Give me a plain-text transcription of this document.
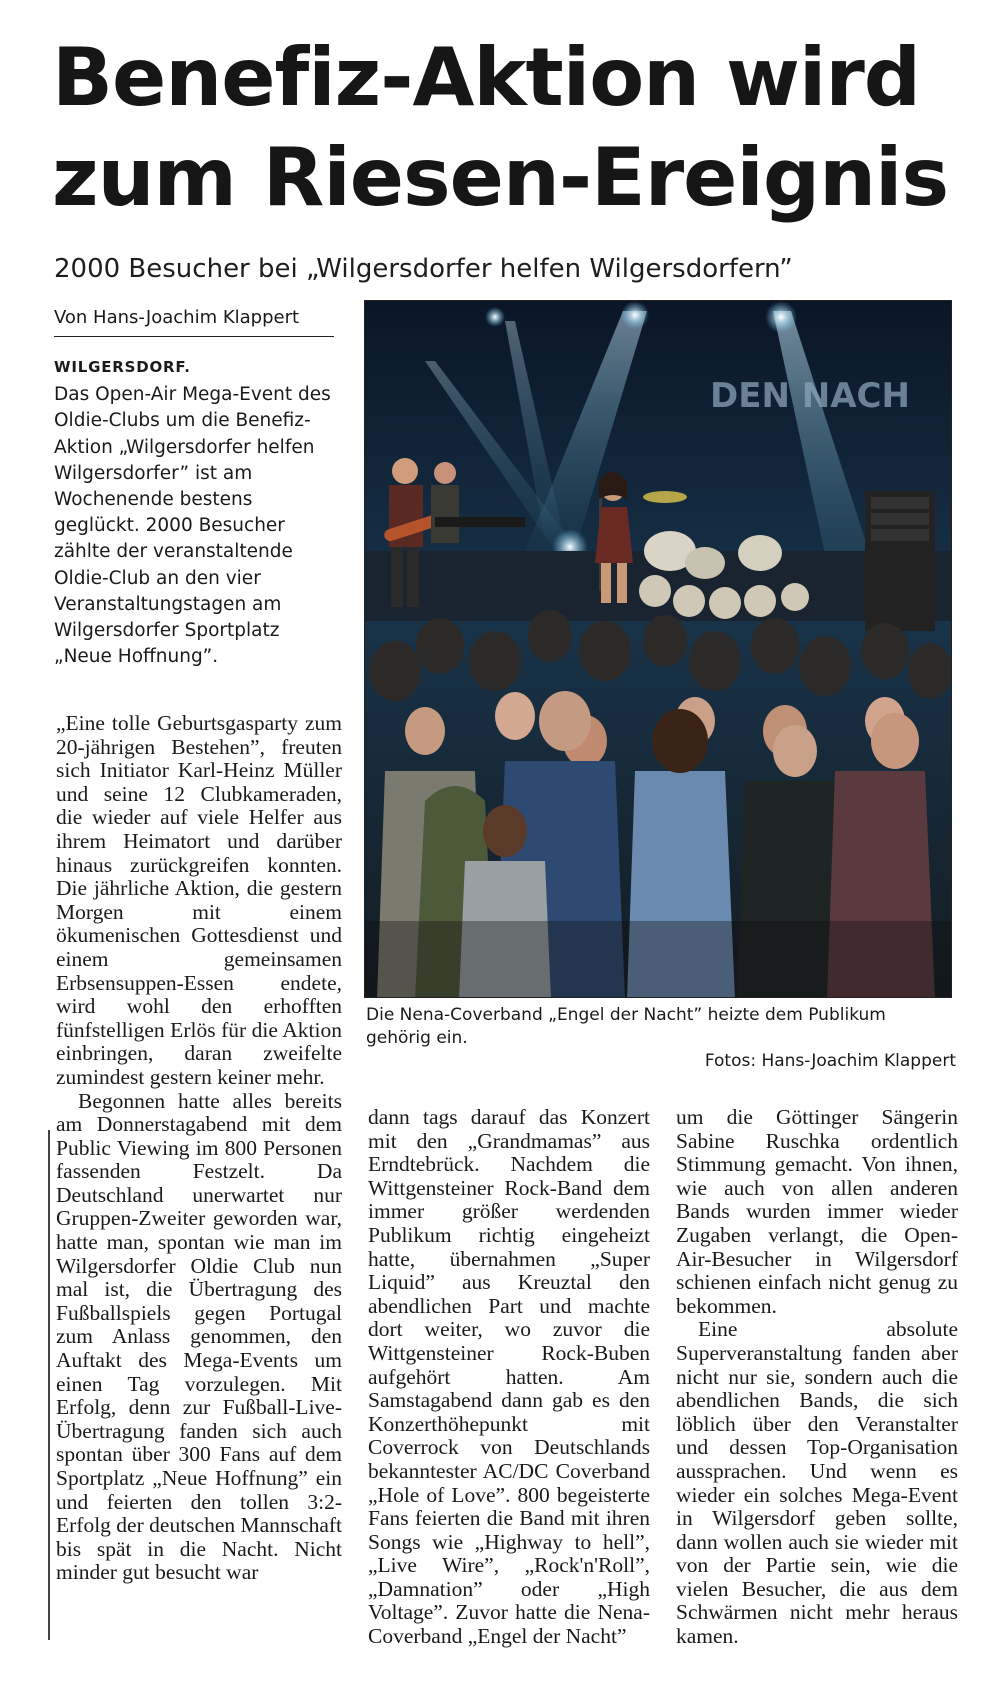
Benefiz-Aktion wird zum Riesen-Ereignis
2000 Besucher bei „Wilgersdorfer helfen Wilgersdorfern”
Von Hans-Joachim Klappert
WILGERSDORF.
Das Open-Air Mega-Event des Oldie-Clubs um die Benefiz-Aktion „Wilgersdorfer helfen Wilgersdorfer” ist am Wochenende bestens geglückt. 2000 Besucher zählte der veranstaltende Oldie-Club an den vier Veranstaltungstagen am Wilgersdorfer Sportplatz „Neue Hoffnung”.
DEN NACH
Die Nena-Coverband „Engel der Nacht” heizte dem Publikum gehörig ein.
Fotos: Hans-Joachim Klappert

„Eine tolle Geburtsgasparty zum 20-jährigen Bestehen”, freuten sich Initiator Karl-Heinz Müller und seine 12 Clubkameraden, die wieder auf viele Helfer aus ihrem Heimatort und darüber hinaus zurückgreifen konnten. Die jährliche Aktion, die gestern Morgen mit einem ökumenischen Gottesdienst und einem gemeinsamen Erbsensuppen-Essen endete, wird wohl den erhofften fünfstelligen Erlös für die Aktion einbringen, daran zweifelte zumindest gestern keiner mehr.

Begonnen hatte alles bereits am Donnerstagabend mit dem Public Viewing im 800 Personen fassenden Festzelt. Da Deutschland unerwartet nur Gruppen-Zweiter geworden war, hatte man, spontan wie man im Wilgersdorfer Oldie Club nun mal ist, die Übertragung des Fußballspiels gegen Portugal zum Anlass genommen, den Auftakt des Mega-Events um einen Tag vorzulegen. Mit Erfolg, denn zur Fußball-Live-Übertragung fanden sich auch spontan über 300 Fans auf dem Sportplatz „Neue Hoffnung” ein und feierten den tollen 3:2-Erfolg der deutschen Mannschaft bis spät in die Nacht. Nicht minder gut besucht war

dann tags darauf das Konzert mit den „Grandmamas” aus Erndtebrück. Nachdem die Wittgensteiner Rock-Band dem immer größer werdenden Publikum richtig eingeheizt hatte, übernahmen „Super Liquid” aus Kreuztal den abendlichen Part und machte dort weiter, wo zuvor die Wittgensteiner Rock-Buben aufgehört hatten. Am Samstagabend dann gab es den Konzerthöhepunkt mit Coverrock von Deutschlands bekanntester AC/DC Coverband „Hole of Love”. 800 begeisterte Fans feierten die Band mit ihren Songs wie „Highway to hell”, „Live Wire”, „Rock'n'Roll”, „Damnation” oder „High Voltage”. Zuvor hatte die Nena-Coverband „Engel der Nacht”

um die Göttinger Sängerin Sabine Ruschka ordentlich Stimmung gemacht. Von ihnen, wie auch von allen anderen Bands wurden immer wieder Zugaben verlangt, die Open-Air-Besucher in Wilgersdorf schienen einfach nicht genug zu bekommen.

Eine absolute Superveranstaltung fanden aber nicht nur sie, sondern auch die abendlichen Bands, die sich löblich über den Veranstalter und dessen Top-Organisation aussprachen. Und wenn es wieder ein solches Mega-Event in Wilgersdorf geben sollte, dann wollen auch sie wieder mit von der Partie sein, wie die vielen Besucher, die aus dem Schwärmen nicht mehr heraus kamen.
